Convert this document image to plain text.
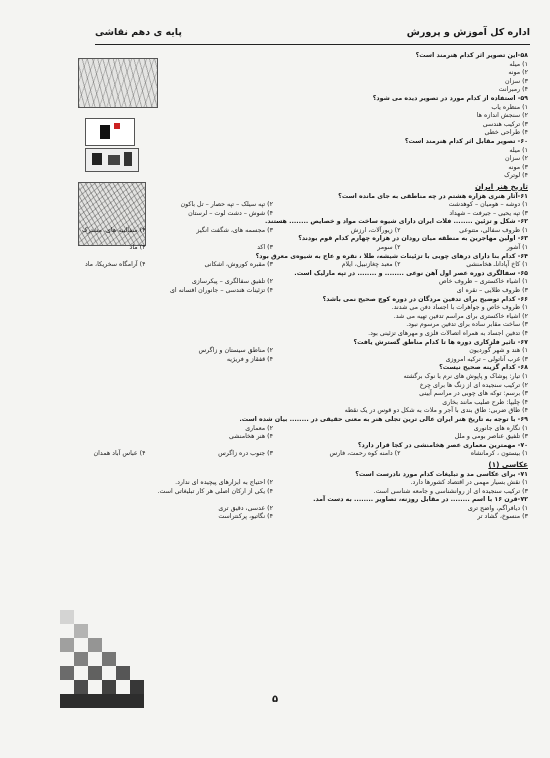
اداره کل آموزش و پرورش
پایه ی دهم نقاشی
۵۸-این تصویر اثر کدام هنرمند است؟
۱) میله
۲) مونه
۳) سزان
۴) رمبرانت
۵۹- استفاده از کدام مورد در تصویر دیده می شود؟
۱) منظره یاب
۲) سنجش اندازه ها
۳) ترکیب هندسی
۴) طراحی خطی
۶۰- تصویر مقابل اثر کدام هنرمند است؟
۱) میله
۲) سزان
۳) مونه
۴) لوترک
تاریخ هنر ایران
۶۱-آثار هنری هزاره هشتم در چه مناطقی به جای مانده است؟
۱) دوشه – هومیان – کوهدشت
۲) تپه سیلک – تپه حصار – تل باکون
۳) تپه یحیی – جیرفت – شهداد
۴) شوش – دشت لوت – لرستان
۶۲- شکل و تزئین ........ فلات ایران دارای شیوه ساخت مواد و خصایص ........ هستند.
۱) ظروف سفالی، متنوعی
۲) زیورآلات، ارزش
۳) مجسمه های، شگفت انگیز
۴) سفالینه های، مشترک
۶۳- اولین مهاجرین به منطقه میان رودان در هزاره چهارم کدام قوم بودند؟
۱) آشور
۲) سومر
۳) اکد
۴) ماد
۶۴- کدام بنا دارای درهای چوبی با تزئینات شیشه، طلا ، نقره و عاج به شیوه‌ی معرق بود؟
۱) کاخ آپاداناـ هخامنشی
۲) معبد چغازنبیل، ایلام
۳) مقبره کوروش، اشکانی
۴) آرامگاه سخریکا، ماد
۶۵- سفالگری دوره عصر اول آهن نوعی ........ و ........ در تپه مارلیک است.
۱) اشیاء خاکستری – ظروف خاص
۲) تلفیق سفالگری – پیکرسازی
۳) ظروف طلایی – نقره ای
۴) تزئینات هندسی – جانوران افسانه ای
۶۶- کدام توضیح برای تدفین مردگان در دوره کوچ صحیح نمی باشد؟
۱) ظروف خاص و جواهرات با اجساد دفن می شدند.
۲) اشیاء خاکستری برای مراسم تدفین تهیه می شد.
۳) ساخت مقابر ساده برای تدفین مرسوم نبود.
۴) تدفین اجساد به همراه اتصالات فلزی و مهرهای تزئینی بود.
۶۷- تاثیر فلزکاری دوره ها تا کدام مناطق گسترش یافت؟
۱) هند و شهر گوردیون
۲) مناطق سیستان و زاگرس
۳) غرب آناتولی – ترکیه امروزی
۴) قفقاز و فریژیه
۶۸- کدام گزینه صحیح نیست؟
۱) تیار: پوشاک و پاپوش های نرم با نوک برگشته
۲) ترکیب سنجیده ای از زنگ ها برای چرخ
۳) برسم: توکه های چوبی در مراسم آیینی
۴) چلیپا: طرح صلیب مانند بخاری
۴) طاق ضربی: طاق بندی با آجر و ملات به شکل دو قوس در یک نقطه
۶۹- با توجه به تاریخ هنر ایران عالی ترین تجلی هنر به معنی حقیقی در ........ بیان شده است.
۱) نگاره های جانوری
۲) معماری
۳) تلفیق عناصر بومی و ملل
۴) هنر هخامنشی
۷۰- مهمترین معماری عصر هخامنشی در کجا قرار دارد؟
۱) بیستون ، کرمانشاه
۲) دامنه کوه رحمت، فارس
۳) جنوب دره زاگرس
۴) عباس آباد همدان
عکاسی (۱)
۷۱- برای عکاسی مد و تبلیغات کدام مورد نادرست است؟
۱) نقش بسیار مهمی در اقتصاد کشورها دارد.
۲) احتیاج به ابزارهای پیچیده ای ندارد.
۳) ترکیب سنجیده ای از روانشناسی و جامعه شناسی است.
۴) یکی از ارکان اصلی هر کار تبلیغاتی است.
۷۲-قرن ۱۶ با اسم ........ در مقابل روزنه، تصاویر ........ به دست آمد.
۱) دیافراگم، واضح تری
۲) عدسی، دقیق تری
۳) منسوخ، گشاد تر
۴) نگاتیو، پرکنتراست
۵
